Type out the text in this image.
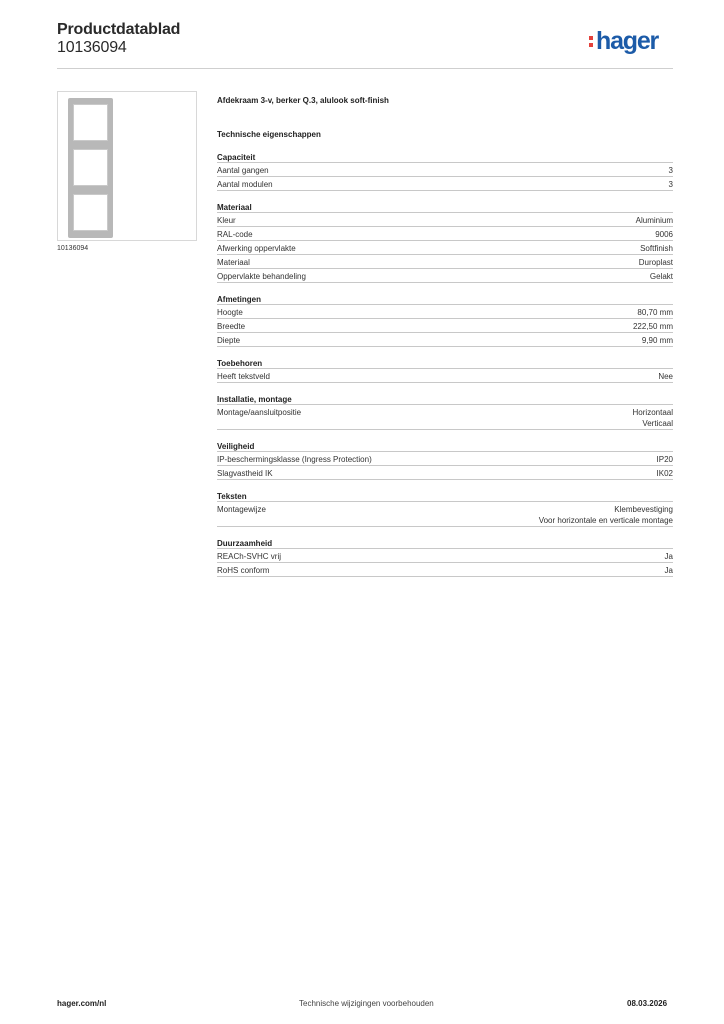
Productdatablad
10136094	hager
10136094
Afdekraam 3-v, berker Q.3, alulook soft-finish
Technische eigenschappen
Capaciteit
Aantal gangen	3
Aantal modulen	3
Materiaal
Kleur	Aluminium
RAL-code	9006
Afwerking oppervlakte	Softfinish
Materiaal	Duroplast
Oppervlakte behandeling	Gelakt
Afmetingen
Hoogte	80,70 mm
Breedte	222,50 mm
Diepte	9,90 mm
Toebehoren
Heeft tekstveld	Nee
Installatie, montage
Montage/aansluitpositie	Horizontaal
Verticaal
Veiligheid
IP-beschermingsklasse (Ingress Protection)	IP20
Slagvastheid IK	IK02
Teksten
Montagewijze	Klembevestiging
Voor horizontale en verticale montage
Duurzaamheid
REACh-SVHC vrij	Ja
RoHS conform	Ja
hager.com/nl	Technische wijzigingen voorbehouden	08.03.2026
